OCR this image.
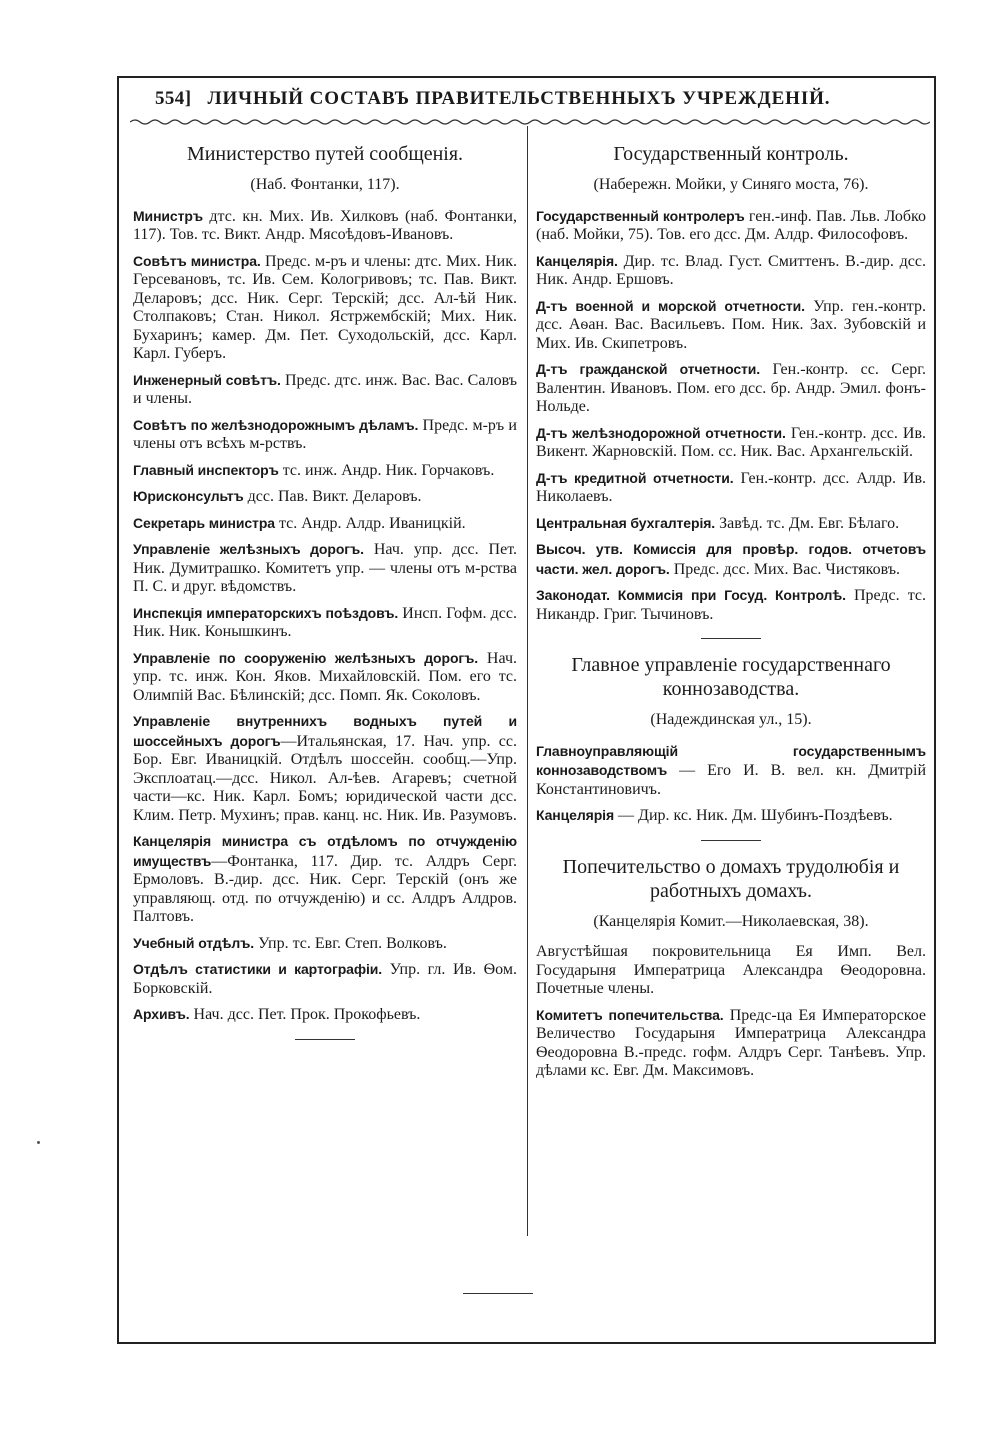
554] ЛИЧНЫЙ СОСТАВЪ ПРАВИТЕЛЬСТВЕННЫХЪ УЧРЕЖДЕНІЙ.
Министерство путей сообщенія.
(Наб. Фонтанки, 117).
Министръ дтс. кн. Мих. Ив. Хилковъ (наб. Фонтанки, 117). Тов. тс. Викт. Андр. Мясоѣдовъ-Ивановъ.
Совѣтъ министра. Предс. м-ръ и члены: дтс. Мих. Ник. Герсевановъ, тс. Ив. Сем. Кологривовъ; тс. Пав. Викт. Деларовъ; дсс. Ник. Серг. Терскій; дсс. Ал-ѣй Ник. Столпаковъ; Стан. Никол. Ястржембскій; Мих. Ник. Бухаринъ; камер. Дм. Пет. Суходольскій, дсс. Карл. Карл. Губеръ.
Инженерный совѣтъ. Предс. дтс. инж. Вас. Вас. Саловъ и члены.
Совѣтъ по желѣзнодорожнымъ дѣламъ. Предс. м-ръ и члены отъ всѣхъ м-рствъ.
Главный инспекторъ тс. инж. Андр. Ник. Горчаковъ.
Юрисконсультъ дсс. Пав. Викт. Деларовъ.
Секретарь министра тс. Андр. Алдр. Иваницкій.
Управленіе желѣзныхъ дорогъ. Нач. упр. дсс. Пет. Ник. Думитрашко. Комитетъ упр. — члены отъ м-рства П. С. и друг. вѣдомствъ.
Инспекція императорскихъ поѣздовъ. Инсп. Гофм. дсс. Ник. Ник. Конышкинъ.
Управленіе по сооруженію желѣзныхъ дорогъ. Нач. упр. тс. инж. Кон. Яков. Михайловскій. Пом. его тс. Олимпій Вас. Бѣлинскій; дсс. Помп. Як. Соколовъ.
Управленіе внутреннихъ водныхъ путей и шоссейныхъ дорогъ—Итальянская, 17. Нач. упр. сс. Бор. Евг. Иваницкій. Отдѣлъ шоссейн. сообщ.—Упр. Эксплоатац.—дсс. Никол. Ал-ѣев. Агаревъ; счетной части—кс. Ник. Карл. Бомъ; юридической части дсс. Клим. Петр. Мухинъ; прав. канц. нс. Ник. Ив. Разумовъ.
Канцелярія министра съ отдѣломъ по отчужденію имуществъ—Фонтанка, 117. Дир. тс. Алдръ Серг. Ермоловъ. В.-дир. дсс. Ник. Серг. Терскій (онъ же управляющ. отд. по отчужденію) и сс. Алдръ Алдров. Палтовъ.
Учебный отдѣлъ. Упр. тс. Евг. Степ. Волковъ.
Отдѣлъ статистики и картографіи. Упр. гл. Ив. Ѳом. Борковскій.
Архивъ. Нач. дсс. Пет. Прок. Прокофьевъ.
Государственный контроль.
(Набережн. Мойки, у Синяго моста, 76).
Государственный контролеръ ген.-инф. Пав. Льв. Лобко (наб. Мойки, 75). Тов. его дсс. Дм. Алдр. Философовъ.
Канцелярія. Дир. тс. Влад. Густ. Смиттенъ. В.-дир. дсс. Ник. Андр. Ершовъ.
Д-тъ военной и морской отчетности. Упр. ген.-контр. дсс. Аѳан. Вас. Васильевъ. Пом. Ник. Зах. Зубовскій и Мих. Ив. Скипетровъ.
Д-тъ гражданской отчетности. Ген.-контр. сс. Серг. Валентин. Ивановъ. Пом. его дсс. бр. Андр. Эмил. фонъ-Нольде.
Д-тъ желѣзнодорожной отчетности. Ген.-контр. дсс. Ив. Викент. Жарновскій. Пом. сс. Ник. Вас. Архангельскій.
Д-тъ кредитной отчетности. Ген.-контр. дсс. Алдр. Ив. Николаевъ.
Центральная бухгалтерія. Завѣд. тс. Дм. Евг. Бѣлаго.
Высоч. утв. Комиссія для провѣр. годов. отчетовъ части. жел. дорогъ. Предс. дсс. Мих. Вас. Чистяковъ.
Законодат. Коммисія при Госуд. Контролѣ. Предс. тс. Никандр. Григ. Тычиновъ.
Главное управленіе государственнаго коннозаводства.
(Надеждинская ул., 15).
Главноуправляющій государственнымъ коннозаводствомъ — Его И. В. вел. кн. Дмитрій Константиновичъ.
Канцелярія — Дир. кс. Ник. Дм. Шубинъ-Поздѣевъ.
Попечительство о домахъ трудолюбія и работныхъ домахъ.
(Канцелярія Комит.—Николаевская, 38).
Августѣйшая покровительница Ея Имп. Вел. Государыня Императрица Александра Ѳеодоровна. Почетные члены.
Комитетъ попечительства. Предс-ца Ея Императорское Величество Государыня Императрица Александра Ѳеодоровна В.-предс. гофм. Алдръ Серг. Танѣевъ. Упр. дѣлами кс. Евг. Дм. Максимовъ.
